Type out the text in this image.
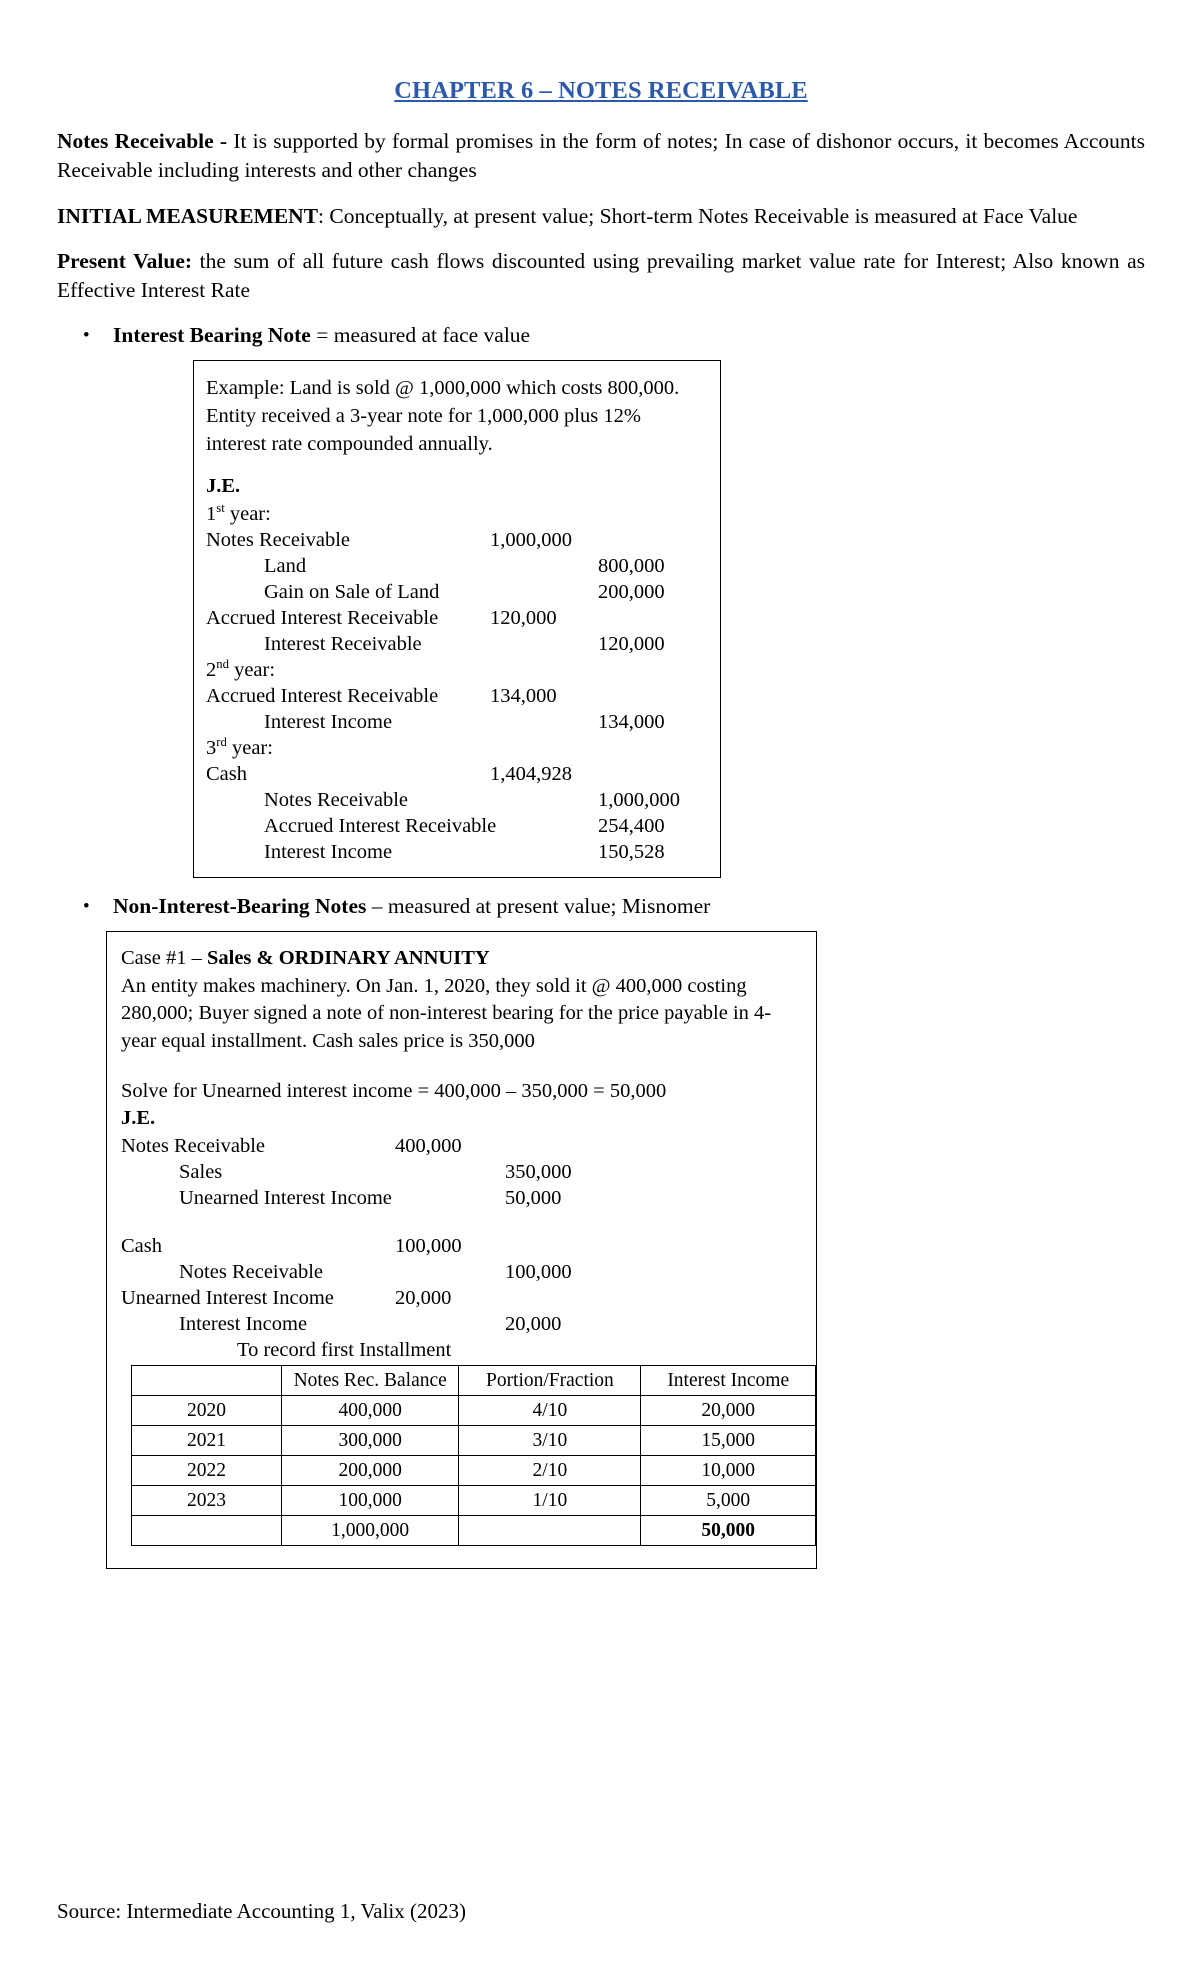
CHAPTER 6 – NOTES RECEIVABLE

Notes Receivable - It is supported by formal promises in the form of notes; In case of dishonor occurs, it becomes Accounts Receivable including interests and other changes

INITIAL MEASUREMENT: Conceptually, at present value; Short-term Notes Receivable is measured at Face Value

Present Value: the sum of all future cash flows discounted using prevailing market value rate for Interest; Also known as Effective Interest Rate

•	Interest Bearing Note = measured at face value
Example: Land is sold @ 1,000,000 which costs 800,000. Entity received a 3-year note for 1,000,000 plus 12% interest rate compounded annually.
J.E.
1st year:
Notes Receivable	1,000,000
Land	800,000
Gain on Sale of Land	200,000
Accrued Interest Receivable	120,000
Interest Receivable	120,000
2nd year:
Accrued Interest Receivable	134,000
Interest Income	134,000
3rd year:
Cash	1,404,928
Notes Receivable	1,000,000
Accrued Interest Receivable	254,400
Interest Income	150,528
•	Non-Interest-Bearing Notes – measured at present value; Misnomer
Case #1 – Sales & ORDINARY ANNUITY
An entity makes machinery. On Jan. 1, 2020, they sold it @ 400,000 costing 280,000; Buyer signed a note of non-interest bearing for the price payable in 4-year equal installment. Cash sales price is 350,000
Solve for Unearned interest income = 400,000 – 350,000 = 50,000
J.E.
Notes Receivable	400,000
Sales	350,000
Unearned Interest Income	50,000
Cash	100,000
Notes Receivable	100,000
Unearned Interest Income	20,000
Interest Income	20,000
To record first Installment
	Notes Rec. Balance	Portion/Fraction	Interest Income
2020	400,000	4/10	20,000
2021	300,000	3/10	15,000
2022	200,000	2/10	10,000
2023	100,000	1/10	5,000
	1,000,000		50,000
Source: Intermediate Accounting 1, Valix (2023)
